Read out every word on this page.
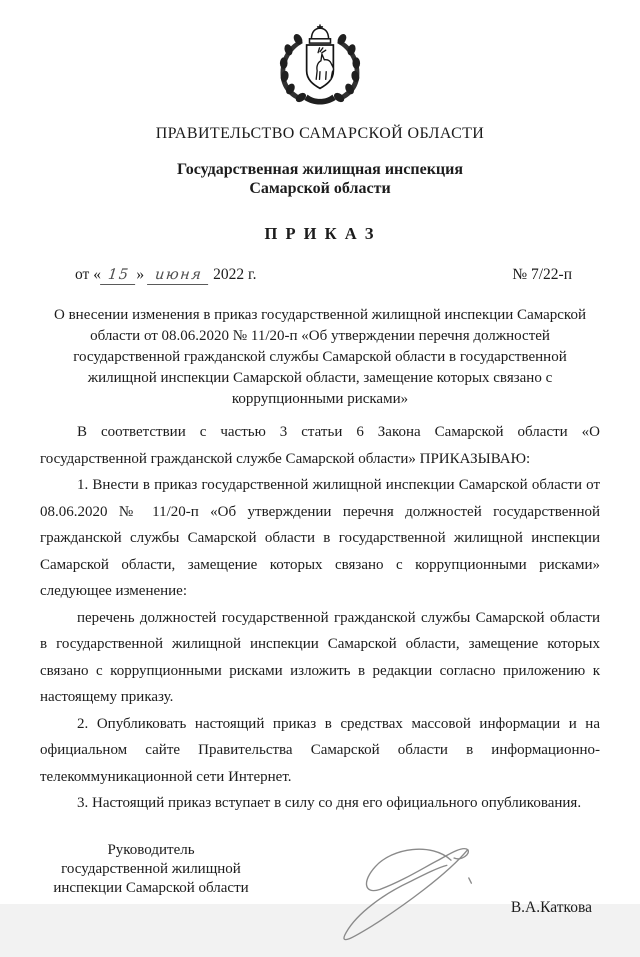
ПРАВИТЕЛЬСТВО САМАРСКОЙ ОБЛАСТИ
Государственная жилищная инспекция
Самарской области
П Р И К А З
от « 15 » июня 2022 г.	№ 7/22-п
О внесении изменения в приказ государственной жилищной инспекции Самарской области от 08.06.2020 № 11/20-п «Об утверждении перечня должностей государственной гражданской службы Самарской области в государственной жилищной инспекции Самарской области, замещение которых связано с коррупционными рисками»

В соответствии с частью 3 статьи 6 Закона Самарской области «О государственной гражданской службе Самарской области» ПРИКАЗЫВАЮ:

1. Внести в приказ государственной жилищной инспекции Самарской области от 08.06.2020 № 11/20-п «Об утверждении перечня должностей государственной гражданской службы Самарской области в государственной жилищной инспекции Самарской области, замещение которых связано с коррупционными рисками» следующее изменение:

перечень должностей государственной гражданской службы Самарской области в государственной жилищной инспекции Самарской области, замещение которых связано с коррупционными рисками изложить в редакции согласно приложению к настоящему приказу.

2. Опубликовать настоящий приказ в средствах массовой информации и на официальном сайте Правительства Самарской области в информационно-телекоммуникационной сети Интернет.

3. Настоящий приказ вступает в силу со дня его официального опубликования.

Руководитель
государственной жилищной
инспекции Самарской области
В.А.Каткова
